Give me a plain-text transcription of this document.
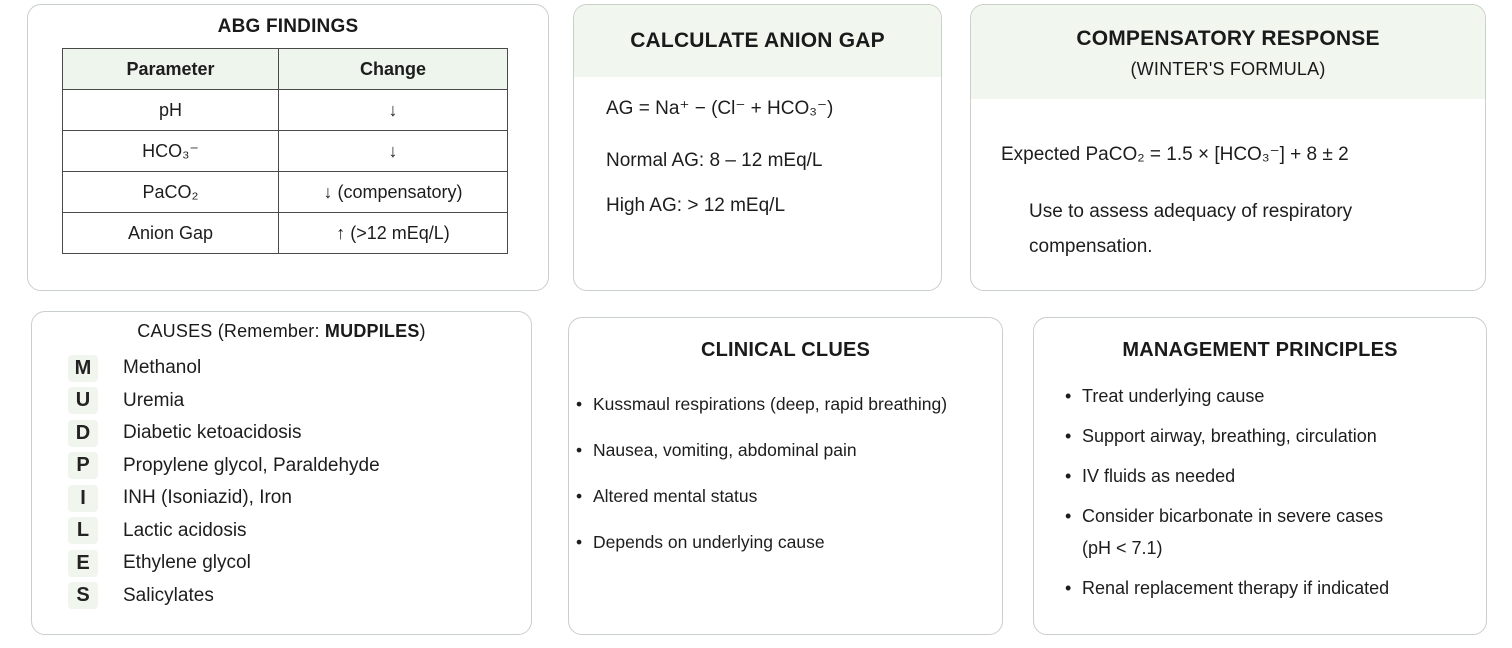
ABG FINDINGS
Parameter	Change
pH	↓
HCO₃⁻	↓
PaCO₂	↓ (compensatory)
Anion Gap	↑ (>12 mEq/L)
CALCULATE ANION GAP
AG = Na⁺ − (Cl⁻ + HCO₃⁻)
Normal AG: 8 – 12 mEq/L
High AG: > 12 mEq/L
COMPENSATORY RESPONSE
(WINTER'S FORMULA)
Expected PaCO₂ = 1.5 × [HCO₃⁻] + 8 ± 2
Use to assess adequacy of respiratory compensation.
CAUSES (Remember: MUDPILES)
M	Methanol
U	Uremia
D	Diabetic ketoacidosis
P	Propylene glycol, Paraldehyde
I	INH (Isoniazid), Iron
L	Lactic acidosis
E	Ethylene glycol
S	Salicylates
CLINICAL CLUES
• Kussmaul respirations (deep, rapid breathing)
• Nausea, vomiting, abdominal pain
• Altered mental status
• Depends on underlying cause
MANAGEMENT PRINCIPLES
• Treat underlying cause
• Support airway, breathing, circulation
• IV fluids as needed
• Consider bicarbonate in severe cases
(pH < 7.1)
• Renal replacement therapy if indicated
